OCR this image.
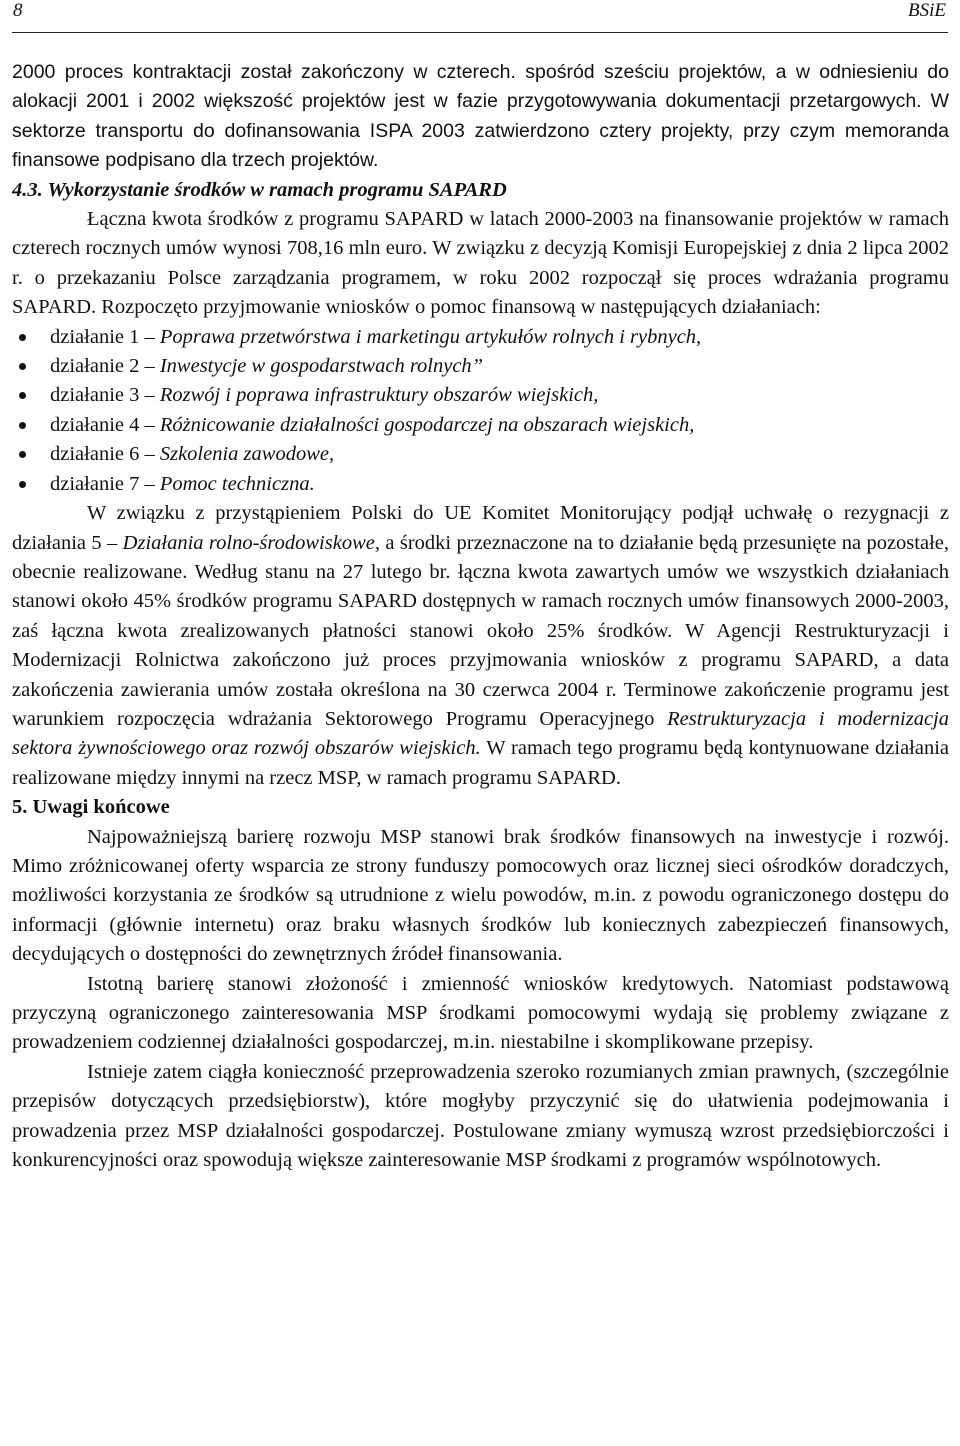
8	BSiE

2000 proces kontraktacji został zakończony w czterech. spośród sześciu projektów, a w odniesieniu do alokacji 2001 i 2002 większość projektów jest w fazie przygotowywania dokumentacji przetargowych. W sektorze transportu do dofinansowania ISPA 2003 zatwierdzono cztery projekty, przy czym memoranda finansowe podpisano dla trzech projektów.

4.3. Wykorzystanie środków w ramach programu SAPARD

Łączna kwota środków z programu SAPARD w latach 2000-2003 na finansowanie projektów w ramach czterech rocznych umów wynosi 708,16 mln euro. W związku z decyzją Komisji Europejskiej z dnia 2 lipca 2002 r. o przekazaniu Polsce zarządzania programem, w roku 2002 rozpoczął się proces wdrażania programu SAPARD. Rozpoczęto przyjmowanie wniosków o pomoc finansową w następujących działaniach:

działanie 1 – Poprawa przetwórstwa i marketingu artykułów rolnych i rybnych,
działanie 2 – Inwestycje w gospodarstwach rolnych”
działanie 3 – Rozwój i poprawa infrastruktury obszarów wiejskich,
działanie 4 – Różnicowanie działalności gospodarczej na obszarach wiejskich,
działanie 6 – Szkolenia zawodowe,
działanie 7 – Pomoc techniczna.

W związku z przystąpieniem Polski do UE Komitet Monitorujący podjął uchwałę o rezygnacji z działania 5 – Działania rolno-środowiskowe, a środki przeznaczone na to działanie będą przesunięte na pozostałe, obecnie realizowane. Według stanu na 27 lutego br. łączna kwota zawartych umów we wszystkich działaniach stanowi około 45% środków programu SAPARD dostępnych w ramach rocznych umów finansowych 2000-2003, zaś łączna kwota zrealizowanych płatności stanowi około 25% środków. W Agencji Restrukturyzacji i Modernizacji Rolnictwa zakończono już proces przyjmowania wniosków z programu SAPARD, a data zakończenia zawierania umów została określona na 30 czerwca 2004 r. Terminowe zakończenie programu jest warunkiem rozpoczęcia wdrażania Sektorowego Programu Operacyjnego Restrukturyzacja i modernizacja sektora żywnościowego oraz rozwój obszarów wiejskich. W ramach tego programu będą kontynuowane działania realizowane między innymi na rzecz MSP, w ramach programu SAPARD.

5. Uwagi końcowe

Najpoważniejszą barierę rozwoju MSP stanowi brak środków finansowych na inwestycje i rozwój. Mimo zróżnicowanej oferty wsparcia ze strony funduszy pomocowych oraz licznej sieci ośrodków doradczych, możliwości korzystania ze środków są utrudnione z wielu powodów, m.in. z powodu ograniczonego dostępu do informacji (głównie internetu) oraz braku własnych środków lub koniecznych zabezpieczeń finansowych, decydujących o dostępności do zewnętrznych źródeł finansowania.

Istotną barierę stanowi złożoność i zmienność wniosków kredytowych. Natomiast podstawową przyczyną ograniczonego zainteresowania MSP środkami pomocowymi wydają się problemy związane z prowadzeniem codziennej działalności gospodarczej, m.in. niestabilne i skomplikowane przepisy.

Istnieje zatem ciągła konieczność przeprowadzenia szeroko rozumianych zmian prawnych, (szczególnie przepisów dotyczących przedsiębiorstw), które mogłyby przyczynić się do ułatwienia podejmowania i prowadzenia przez MSP działalności gospodarczej. Postulowane zmiany wymuszą wzrost przedsiębiorczości i konkurencyjności oraz spowodują większe zainteresowanie MSP środkami z programów wspólnotowych.
